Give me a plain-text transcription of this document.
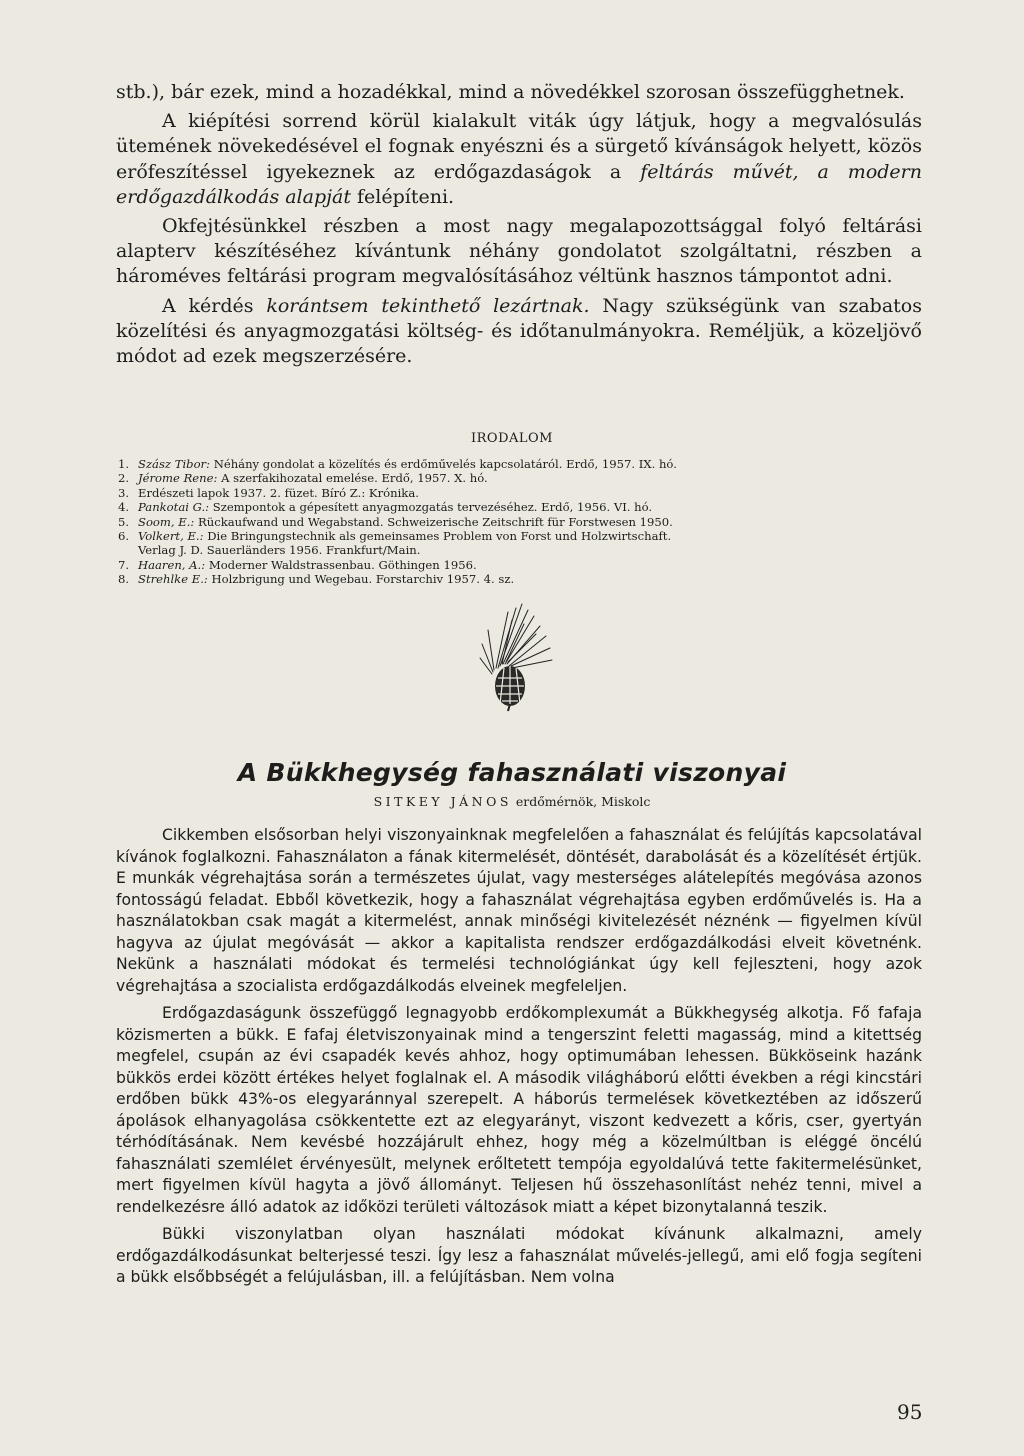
stb.), bár ezek, mind a hozadékkal, mind a növedékkel szorosan összefügghetnek.

A kiépítési sorrend körül kialakult viták úgy látjuk, hogy a megvalósulás ütemének növekedésével el fognak enyészni és a sürgető kívánságok helyett, közös erőfeszítéssel igyekeznek az erdőgazdaságok a feltárás művét, a modern erdőgazdálkodás alapját felépíteni.

Okfejtésünkkel részben a most nagy megalapozottsággal folyó feltárási alapterv készítéséhez kívántunk néhány gondolatot szolgáltatni, részben a hároméves feltárási program megvalósításához véltünk hasznos támpontot adni.

A kérdés korántsem tekinthető lezártnak. Nagy szükségünk van szabatos közelítési és anyagmozgatási költség- és időtanulmányokra. Reméljük, a közeljövő módot ad ezek megszerzésére.

IRODALOM
1. Szász Tibor: Néhány gondolat a közelítés és erdőművelés kapcsolatáról. Erdő, 1957. IX. hó.
2. Jérome Rene: A szerfakihozatal emelése. Erdő, 1957. X. hó.
3. Erdészeti lapok 1937. 2. füzet. Bíró Z.: Krónika.
4. Pankotai G.: Szempontok a gépesített anyagmozgatás tervezéséhez. Erdő, 1956. VI. hó.
5. Soom, E.: Rückaufwand und Wegabstand. Schweizerische Zeitschrift für Forstwesen 1950.
6. Volkert, E.: Die Bringungstechnik als gemeinsames Problem von Forst und Holzwirtschaft.
Verlag J. D. Sauerländers 1956. Frankfurt/Main.
7. Haaren, A.: Moderner Waldstrassenbau. Göthingen 1956.
8. Strehlke E.: Holzbrigung und Wegebau. Forstarchiv 1957. 4. sz.
A Bükkhegység fahasználati viszonyai
SITKEY JÁNOS erdőmérnök, Miskolc

Cikkemben elsősorban helyi viszonyainknak megfelelően a fahasználat és felújítás kapcsolatával kívánok foglalkozni. Fahasználaton a fának kitermelését, döntését, darabolását és a közelítését értjük. E munkák végrehajtása során a természetes újulat, vagy mesterséges alátelepítés megóvása azonos fontosságú feladat. Ebből következik, hogy a fahasználat végrehajtása egyben erdőművelés is. Ha a használatokban csak magát a kitermelést, annak minőségi kivitelezését néznénk — figyelmen kívül hagyva az újulat megóvását — akkor a kapitalista rendszer erdőgazdálkodási elveit követnénk. Nekünk a használati módokat és termelési technológiánkat úgy kell fejleszteni, hogy azok végrehajtása a szocialista erdőgazdálkodás elveinek megfeleljen.

Erdőgazdaságunk összefüggő legnagyobb erdőkomplexumát a Bükkhegység alkotja. Fő fafaja közismerten a bükk. E fafaj életviszonyainak mind a tengerszint feletti magasság, mind a kitettség megfelel, csupán az évi csapadék kevés ahhoz, hogy optimumában lehessen. Bükköseink hazánk bükkös erdei között értékes helyet foglalnak el. A második világháború előtti években a régi kincstári erdőben bükk 43%-os elegyaránnyal szerepelt. A háborús termelések következtében az időszerű ápolások elhanyagolása csökkentette ezt az elegyarányt, viszont kedvezett a kőris, cser, gyertyán térhódításának. Nem kevésbé hozzájárult ehhez, hogy még a közelmúltban is eléggé öncélú fahasználati szemlélet érvényesült, melynek erőltetett tempója egyoldalúvá tette fakitermelésünket, mert figyelmen kívül hagyta a jövő állományt. Teljesen hű összehasonlítást nehéz tenni, mivel a rendelkezésre álló adatok az időközi területi változások miatt a képet bizonytalanná teszik.

Bükki viszonylatban olyan használati módokat kívánunk alkalmazni, amely erdőgazdálkodásunkat belterjessé teszi. Így lesz a fahasználat művelés-jellegű, ami elő fogja segíteni a bükk elsőbbségét a felújulásban, ill. a felújításban. Nem volna

95
